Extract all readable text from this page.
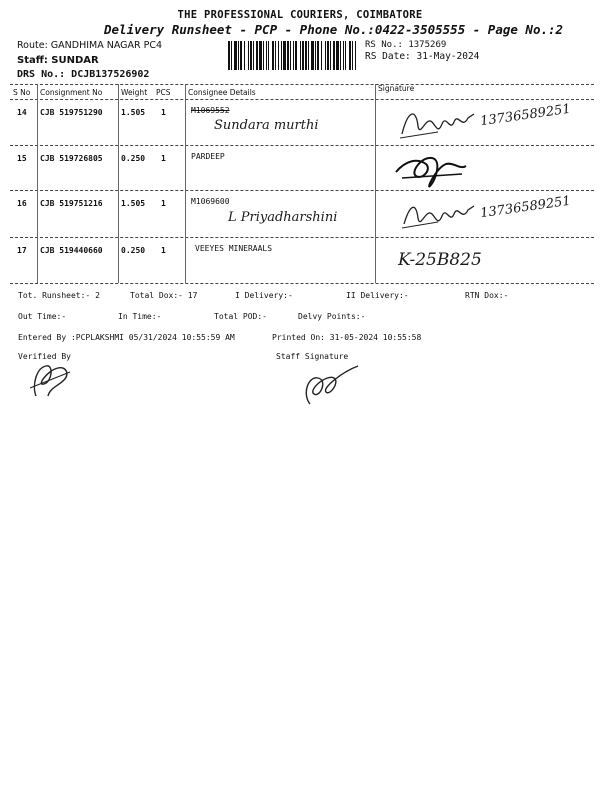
THE PROFESSIONAL COURIERS, COIMBATORE
Delivery Runsheet - PCP - Phone No.:0422-3505555 - Page No.:2
Route: GANDHIMA NAGAR PC4
Staff: SUNDAR
DRS No.: DCJB137526902
RS No.: 1375269
RS Date: 31-May-2024
S No Consignment No Weight PCS Consignee Details	Signature
14 CJB 519751290 1.505 1	M1069552
Sundara murthi	13736589251
15 CJB 519726805 0.250 1	PARDEEP
16 CJB 519751216 1.505 1	M1069600
L Priyadharshini	13736589251
17 CJB 519440660 0.250 1	VEEYES MINERAALS
K-25B825
Tot. Runsheet:- 2	Total Dox:- 17	I Delivery:-	II Delivery:-	RTN Dox:-
Out Time:-	In Time:-	Total POD:-	Delvy Points:-
Entered By :PCPLAKSHMI 05/31/2024 10:55:59 AM	Printed On: 31-05-2024 10:55:58
Verified By	Staff Signature
